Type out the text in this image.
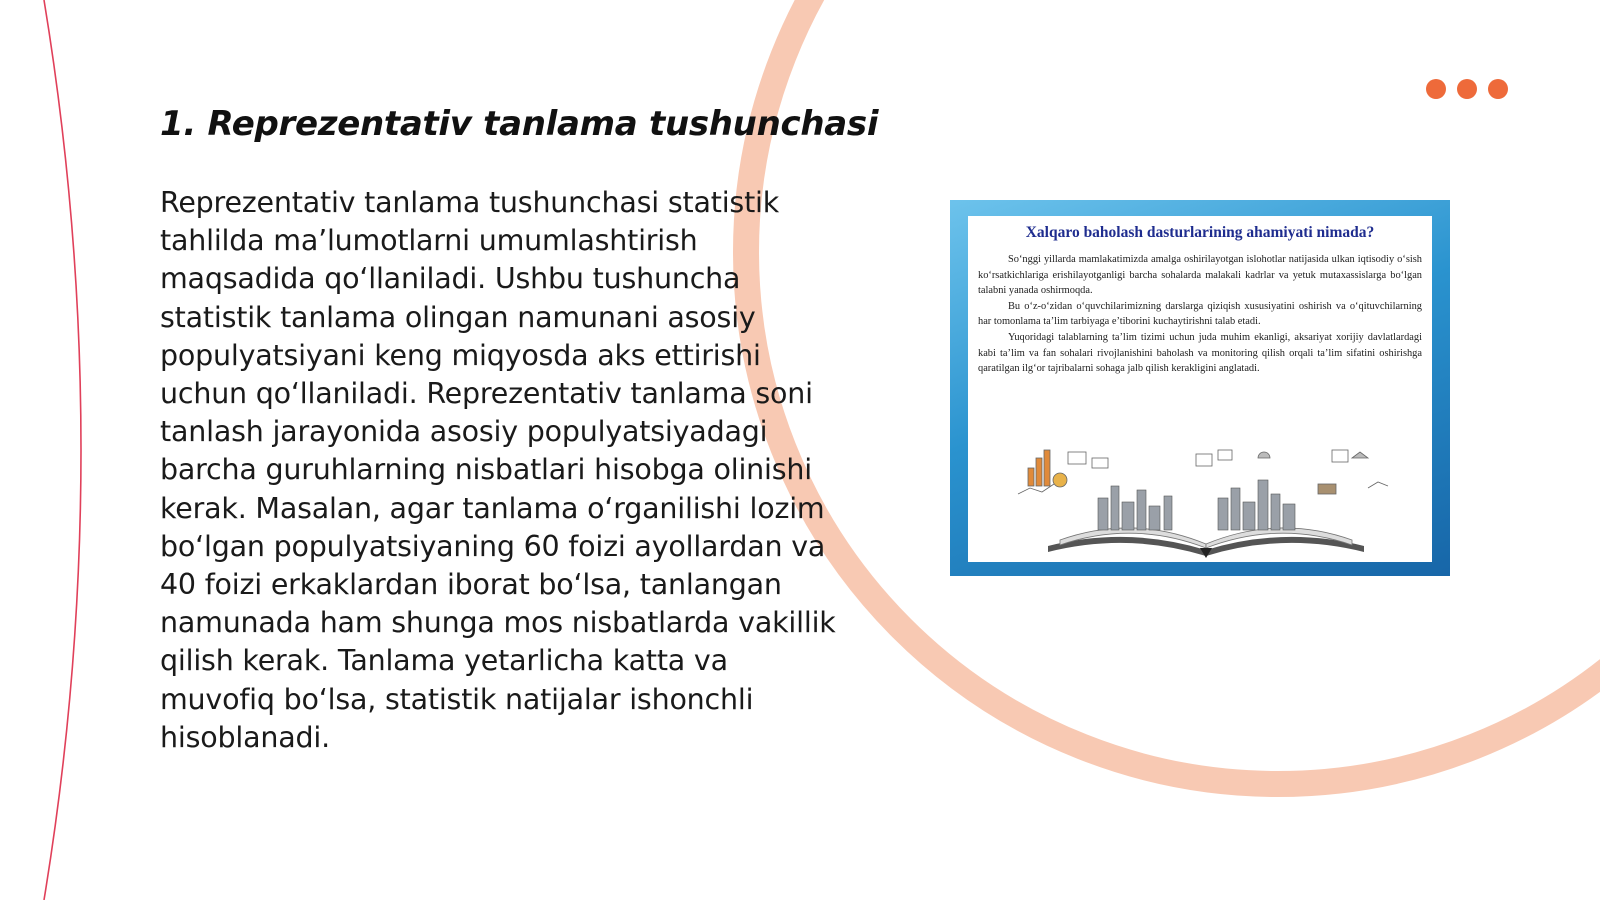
1. Reprezentativ tanlama tushunchasi

Reprezentativ tanlama tushunchasi statistik tahlilda ma’lumotlarni umumlashtirish maqsadida qo‘llaniladi. Ushbu tushuncha statistik tanlama olingan namunani asosiy populyatsiyani keng miqyosda aks ettirishi uchun qo‘llaniladi. Reprezentativ tanlama soni tanlash jarayonida asosiy populyatsiyadagi barcha guruhlarning nisbatlari hisobga olinishi kerak. Masalan, agar tanlama o‘rganilishi lozim bo‘lgan populyatsiyaning 60 foizi ayollardan va 40 foizi erkaklardan iborat bo‘lsa, tanlangan namunada ham shunga mos nisbatlarda vakillik qilish kerak. Tanlama yetarlicha katta va muvofiq bo‘lsa, statistik natijalar ishonchli hisoblanadi.

Xalqaro baholash dasturlarining ahamiyati nimada?

So‘nggi yillarda mamlakatimizda amalga oshirilayotgan islohotlar natijasida ulkan iqtisodiy o‘sish ko‘rsatkichlariga erishilayotganligi barcha sohalarda malakali kadrlar va yetuk mutaxassislarga bo‘lgan talabni yanada oshirmoqda.

Bu o‘z-o‘zidan o‘quvchilarimizning darslarga qiziqish xususiyatini oshirish va o‘qituvchilarning har tomonlama ta’lim tarbiyaga e’tiborini kuchaytirishni talab etadi.

Yuqoridagi talablarning ta’lim tizimi uchun juda muhim ekanligi, aksariyat xorijiy davlatlardagi kabi ta’lim va fan sohalari rivojlanishini baholash va monitoring qilish orqali ta’lim sifatini oshirishga qaratilgan ilg‘or tajribalarni sohaga jalb qilish kerakligini anglatadi.
